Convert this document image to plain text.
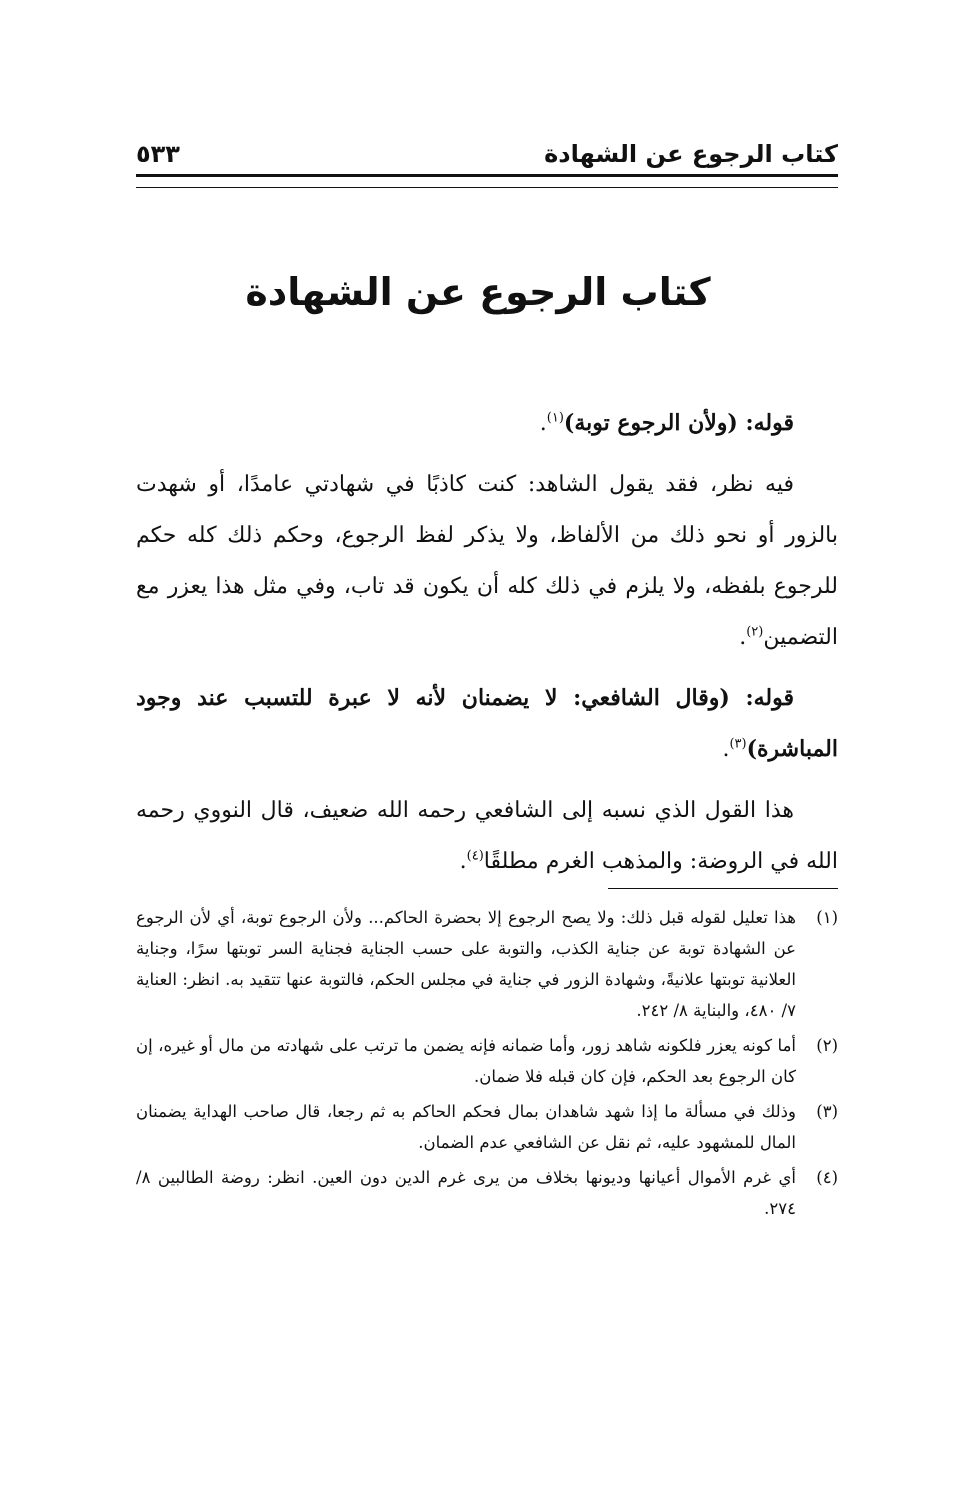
كتاب الرجوع عن الشهادة
٥٣٣
كتاب الرجوع عن الشهادة

قوله: (ولأن الرجوع توبة)$^{(١)}$.

فيه نظر، فقد يقول الشاهد: كنت كاذبًا في شهادتي عامدًا، أو شهدت بالزور أو نحو ذلك من الألفاظ، ولا يذكر لفظ الرجوع، وحكم ذلك كله حكم للرجوع بلفظه، ولا يلزم في ذلك كله أن يكون قد تاب، وفي مثل هذا يعزر مع التضمين$^{(٢)}$.

قوله: (وقال الشافعي: لا يضمنان لأنه لا عبرة للتسبب عند وجود المباشرة)$^{(٣)}$.

هذا القول الذي نسبه إلى الشافعي رحمه الله ضعيف، قال النووي رحمه الله في الروضة: والمذهب الغرم مطلقًا$^{(٤)}$.

(١)
هذا تعليل لقوله قبل ذلك: ولا يصح الرجوع إلا بحضرة الحاكم... ولأن الرجوع توبة، أي لأن الرجوع عن الشهادة توبة عن جناية الكذب، والتوبة على حسب الجناية فجناية السر توبتها سرًا، وجناية العلانية توبتها علانيةً، وشهادة الزور في جناية في مجلس الحكم، فالتوبة عنها تتقيد به. انظر: العناية ٧/ ٤٨٠، والبناية ٨/ ٢٤٢.
(٢)
أما كونه يعزر فلكونه شاهد زور، وأما ضمانه فإنه يضمن ما ترتب على شهادته من مال أو غيره، إن كان الرجوع بعد الحكم، فإن كان قبله فلا ضمان.
(٣)
وذلك في مسألة ما إذا شهد شاهدان بمال فحكم الحاكم به ثم رجعا، قال صاحب الهداية يضمنان المال للمشهود عليه، ثم نقل عن الشافعي عدم الضمان.
(٤)
أي غرم الأموال أعيانها وديونها بخلاف من يرى غرم الدين دون العين. انظر: روضة الطالبين ٨/ ٢٧٤.
